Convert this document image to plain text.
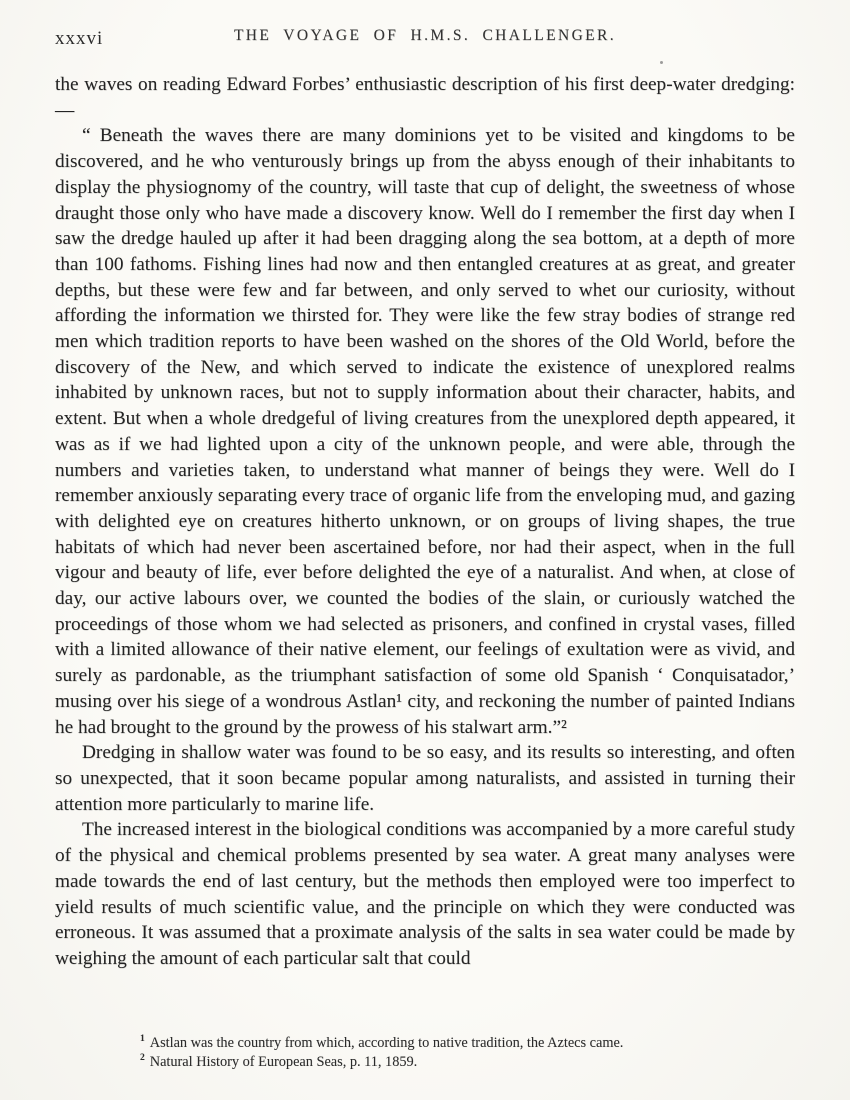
xxxvi	THE VOYAGE OF H.M.S. CHALLENGER.

the waves on reading Edward Forbes’ enthusiastic description of his first deep-water dredging:—

“ Beneath the waves there are many dominions yet to be visited and kingdoms to be discovered, and he who venturously brings up from the abyss enough of their inhabitants to display the physiognomy of the country, will taste that cup of delight, the sweetness of whose draught those only who have made a discovery know. Well do I remember the first day when I saw the dredge hauled up after it had been dragging along the sea bottom, at a depth of more than 100 fathoms. Fishing lines had now and then entangled creatures at as great, and greater depths, but these were few and far between, and only served to whet our curiosity, without affording the information we thirsted for. They were like the few stray bodies of strange red men which tradition reports to have been washed on the shores of the Old World, before the discovery of the New, and which served to indicate the existence of unexplored realms inhabited by unknown races, but not to supply information about their character, habits, and extent. But when a whole dredgeful of living creatures from the unexplored depth appeared, it was as if we had lighted upon a city of the unknown people, and were able, through the numbers and varieties taken, to understand what manner of beings they were. Well do I remember anxiously separating every trace of organic life from the enveloping mud, and gazing with delighted eye on creatures hitherto unknown, or on groups of living shapes, the true habitats of which had never been ascertained before, nor had their aspect, when in the full vigour and beauty of life, ever before delighted the eye of a naturalist. And when, at close of day, our active labours over, we counted the bodies of the slain, or curiously watched the proceedings of those whom we had selected as prisoners, and confined in crystal vases, filled with a limited allowance of their native element, our feelings of exultation were as vivid, and surely as pardonable, as the triumphant satisfaction of some old Spanish ‘ Conquisatador,’ musing over his siege of a wondrous Astlan¹ city, and reckoning the number of painted Indians he had brought to the ground by the prowess of his stalwart arm.”²

Dredging in shallow water was found to be so easy, and its results so interesting, and often so unexpected, that it soon became popular among naturalists, and assisted in turning their attention more particularly to marine life.

The increased interest in the biological conditions was accompanied by a more careful study of the physical and chemical problems presented by sea water. A great many analyses were made towards the end of last century, but the methods then employed were too imperfect to yield results of much scientific value, and the principle on which they were conducted was erroneous. It was assumed that a proximate analysis of the salts in sea water could be made by weighing the amount of each particular salt that could

$^1$ Astlan was the country from which, according to native tradition, the Aztecs came.
$^2$ Natural History of European Seas, p. 11, 1859.
